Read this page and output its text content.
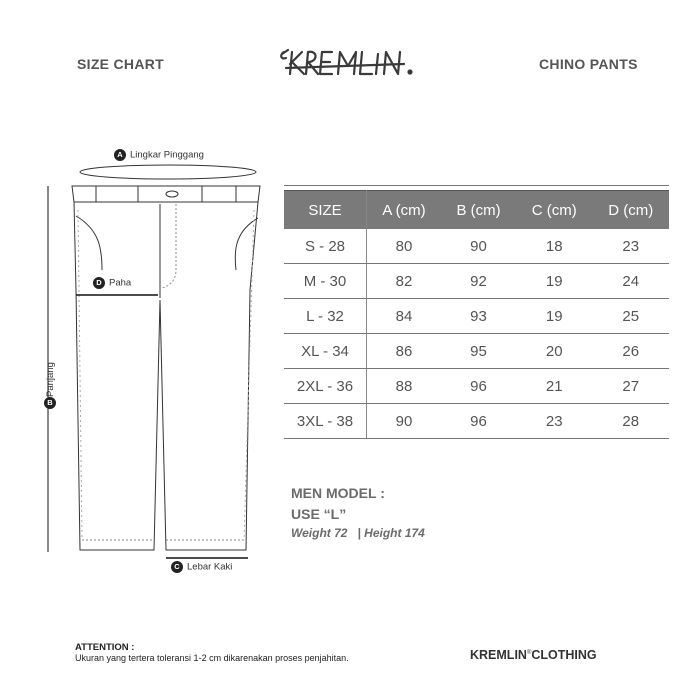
SIZE CHART	CHINO PANTS
A Lingkar Pinggang
D Paha
C Lebar Kaki
Panjang
B
SIZE	A (cm)	B (cm)	C (cm)	D (cm)
S - 28	80	90	18	23
M - 30	82	92	19	24
L - 32	84	93	19	25
XL - 34	86	95	20	26
2XL - 36	88	96	21	27
3XL - 38	90	96	23	28
MEN MODEL :
USE “L”
Weight 72   | Height 174
ATTENTION :
Ukuran yang tertera toleransi 1-2 cm dikarenakan proses penjahitan.	KREMLIN®CLOTHING
